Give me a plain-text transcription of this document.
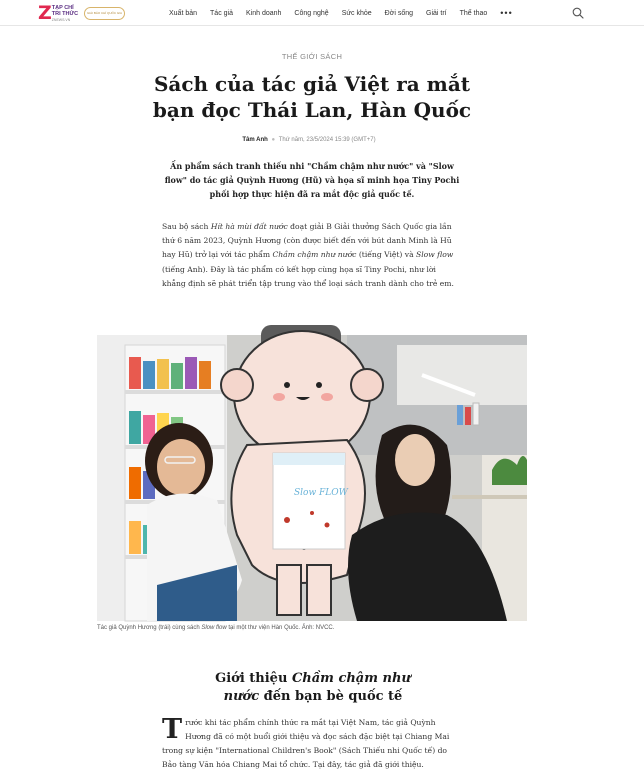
Z TẠP CHÍ
TRI THỨC
ZNEWS.VN
GIẢI BÁO CHÍ QUỐC GIA	Xuất bản Tác giả Kinh doanh Công nghệ Sức khỏe Đời sống Giải trí Thể thao •••
THẾ GIỚI SÁCH
Sách của tác giả Việt ra mắt bạn đọc Thái Lan, Hàn Quốc
Tâm Anh ● Thứ năm, 23/5/2024 15:39 (GMT+7)

Ấn phẩm sách tranh thiếu nhi "Chầm chậm như nước" và "Slow flow" do tác giả Quỳnh Hương (Hũ) và họa sĩ minh họa Tiny Pochi phối hợp thực hiện đã ra mắt độc giả quốc tế.

Sau bộ sách Hít hà mùi đất nước đoạt giải B Giải thưởng Sách Quốc gia lần thứ 6 năm 2023, Quỳnh Hương (còn được biết đến với bút danh Minh là Hũ hay Hũ) trở lại với tác phẩm Chầm chậm như nước (tiếng Việt) và Slow flow (tiếng Anh). Đây là tác phẩm có kết hợp cùng họa sĩ Tiny Pochi, như lời khẳng định sẽ phát triển tập trung vào thể loại sách tranh dành cho trẻ em.

Slow FLOW

Tác giả Quỳnh Hương (trái) cùng sách Slow flow tại một thư viện Hàn Quốc. Ảnh: NVCC.

Giới thiệu Chầm chậm như nước đến bạn bè quốc tế

Trước khi tác phẩm chính thức ra mắt tại Việt Nam, tác giả Quỳnh Hương đã có một buổi giới thiệu và đọc sách đặc biệt tại Chiang Mai trong sự kiện "International Children's Book" (Sách Thiếu nhi Quốc tế) do Bảo tàng Văn hóa Chiang Mai tổ chức. Tại đây, tác giả đã giới thiệu.
